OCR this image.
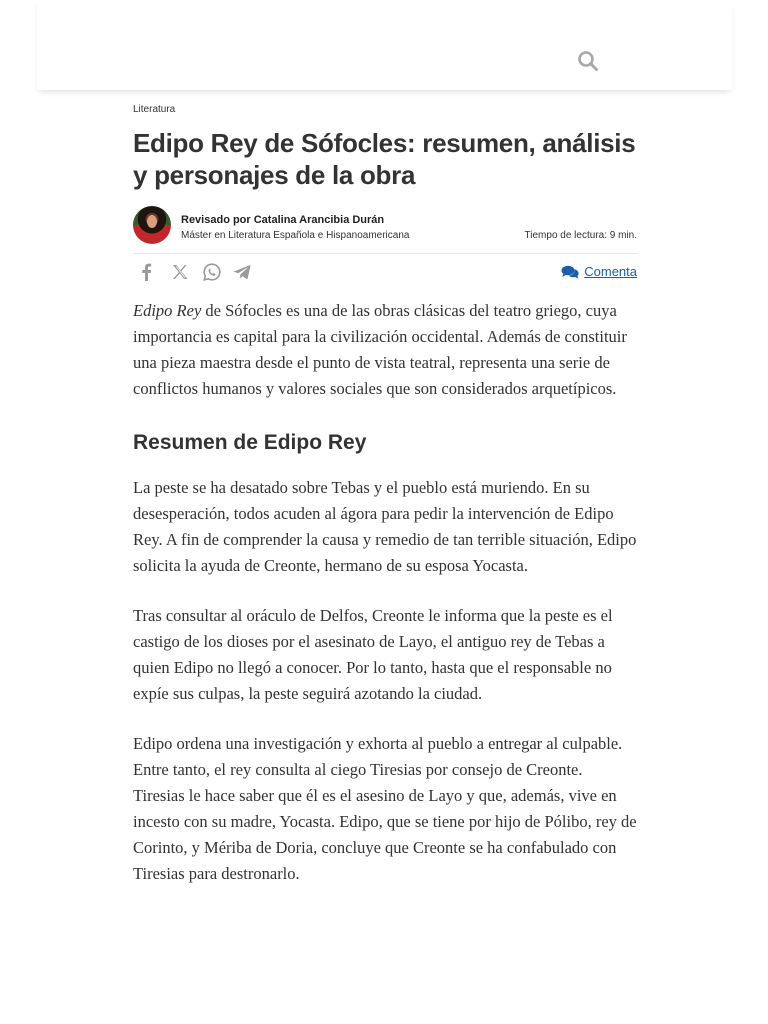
Literatura
Edipo Rey de Sófocles: resumen, análisis y personajes de la obra
Revisado por Catalina Arancibia Durán
Máster en Literatura Española e Hispanoamericana	Tiempo de lectura: 9 min.
Comenta

Edipo Rey de Sófocles es una de las obras clásicas del teatro griego, cuya importancia es capital para la civilización occidental. Además de constituir una pieza maestra desde el punto de vista teatral, representa una serie de conflictos humanos y valores sociales que son considerados arquetípicos.

Resumen de Edipo Rey

La peste se ha desatado sobre Tebas y el pueblo está muriendo. En su desesperación, todos acuden al ágora para pedir la intervención de Edipo Rey. A fin de comprender la causa y remedio de tan terrible situación, Edipo solicita la ayuda de Creonte, hermano de su esposa Yocasta.

Tras consultar al oráculo de Delfos, Creonte le informa que la peste es el castigo de los dioses por el asesinato de Layo, el antiguo rey de Tebas a quien Edipo no llegó a conocer. Por lo tanto, hasta que el responsable no expíe sus culpas, la peste seguirá azotando la ciudad.

Edipo ordena una investigación y exhorta al pueblo a entregar al culpable. Entre tanto, el rey consulta al ciego Tiresias por consejo de Creonte. Tiresias le hace saber que él es el asesino de Layo y que, además, vive en incesto con su madre, Yocasta. Edipo, que se tiene por hijo de Pólibo, rey de Corinto, y Mériba de Doria, concluye que Creonte se ha confabulado con Tiresias para destronarlo.
